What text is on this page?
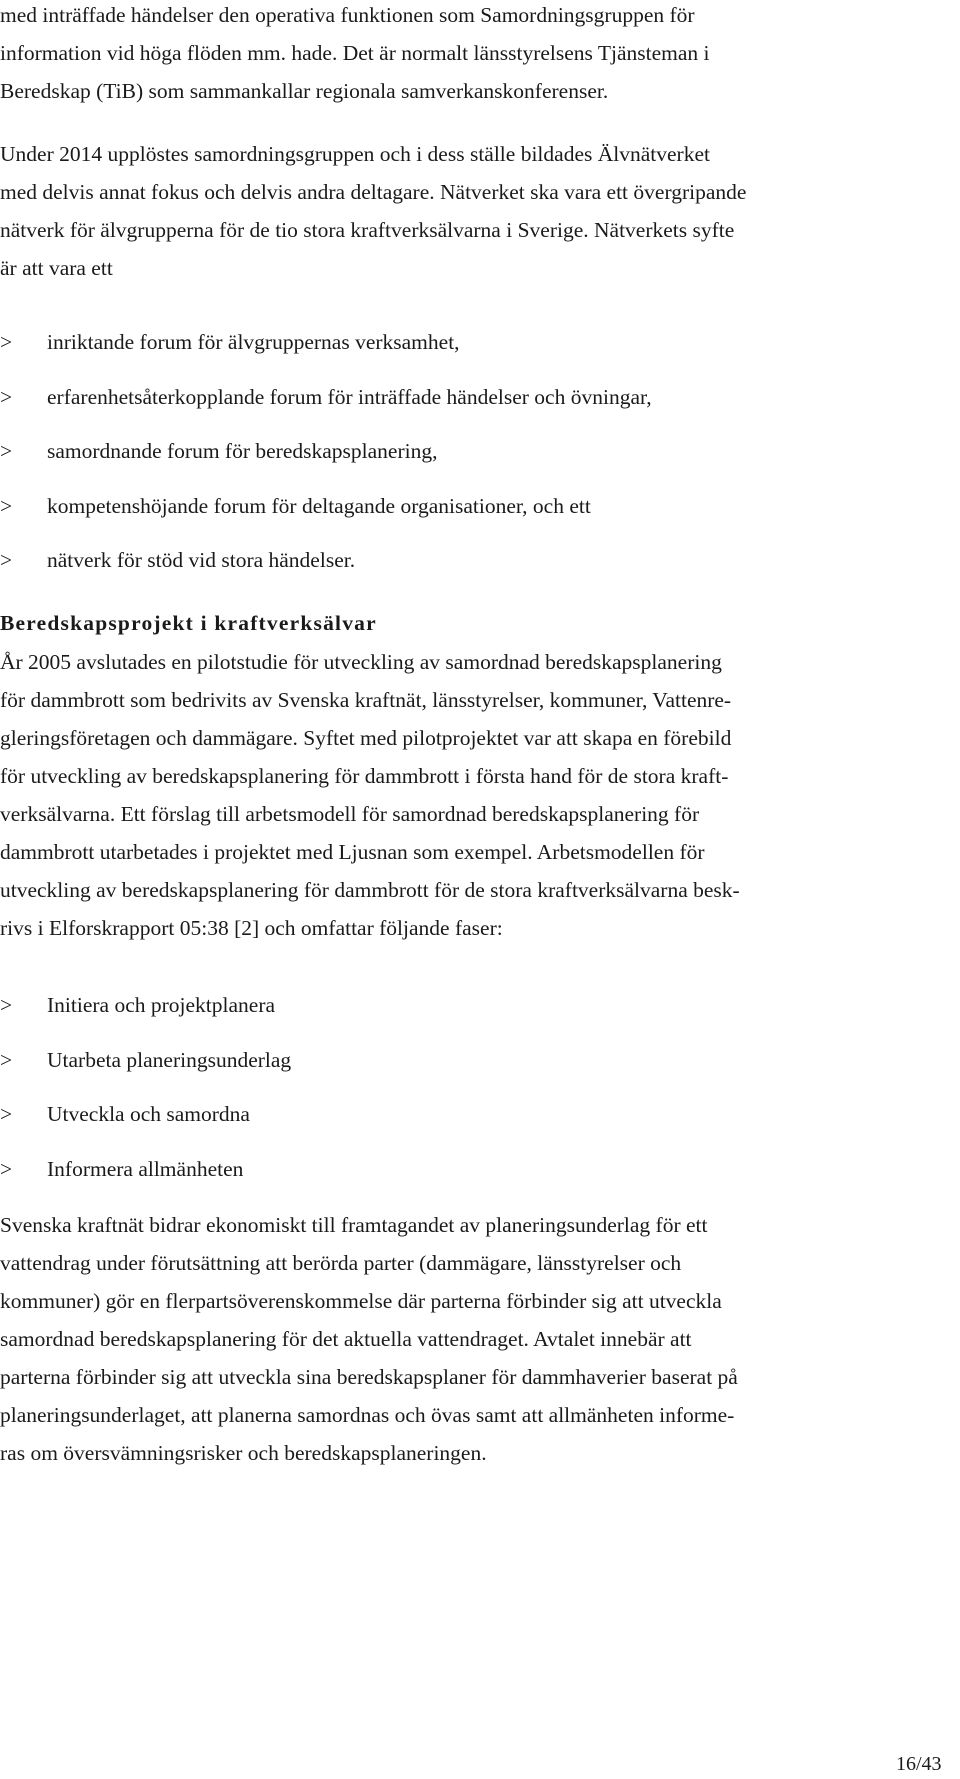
med inträffade händelser den operativa funktionen som Samordningsgruppen för
information vid höga flöden mm. hade. Det är normalt länsstyrelsens Tjänsteman i
Beredskap (TiB) som sammankallar regionala samverkanskonferenser.

Under 2014 upplöstes samordningsgruppen och i dess ställe bildades Älvnätverket
med delvis annat fokus och delvis andra deltagare. Nätverket ska vara ett övergripande
nätverk för älvgrupperna för de tio stora kraftverksälvarna i Sverige. Nätverkets syfte
är att vara ett

>	inriktande forum för älvgruppernas verksamhet,
>	erfarenhetsåterkopplande forum för inträffade händelser och övningar,
>	samordnande forum för beredskapsplanering,
>	kompetenshöjande forum för deltagande organisationer, och ett
>	nätverk för stöd vid stora händelser.
Beredskapsprojekt i kraftverksälvar

År 2005 avslutades en pilotstudie för utveckling av samordnad beredskapsplanering
för dammbrott som bedrivits av Svenska kraftnät, länsstyrelser, kommuner, Vattenre-
gleringsföretagen och dammägare. Syftet med pilotprojektet var att skapa en förebild
för utveckling av beredskapsplanering för dammbrott i första hand för de stora kraft-
verksälvarna. Ett förslag till arbetsmodell för samordnad beredskapsplanering för
dammbrott utarbetades i projektet med Ljusnan som exempel. Arbetsmodellen för
utveckling av beredskapsplanering för dammbrott för de stora kraftverksälvarna besk-
rivs i Elforskrapport 05:38 [2] och omfattar följande faser:

>	Initiera och projektplanera
>	Utarbeta planeringsunderlag
>	Utveckla och samordna
>	Informera allmänheten

Svenska kraftnät bidrar ekonomiskt till framtagandet av planeringsunderlag för ett
vattendrag under förutsättning att berörda parter (dammägare, länsstyrelser och
kommuner) gör en flerpartsöverenskommelse där parterna förbinder sig att utveckla
samordnad beredskapsplanering för det aktuella vattendraget. Avtalet innebär att
parterna förbinder sig att utveckla sina beredskapsplaner för dammhaverier baserat på
planeringsunderlaget, att planerna samordnas och övas samt att allmänheten informe-
ras om översvämningsrisker och beredskapsplaneringen.

16/43
